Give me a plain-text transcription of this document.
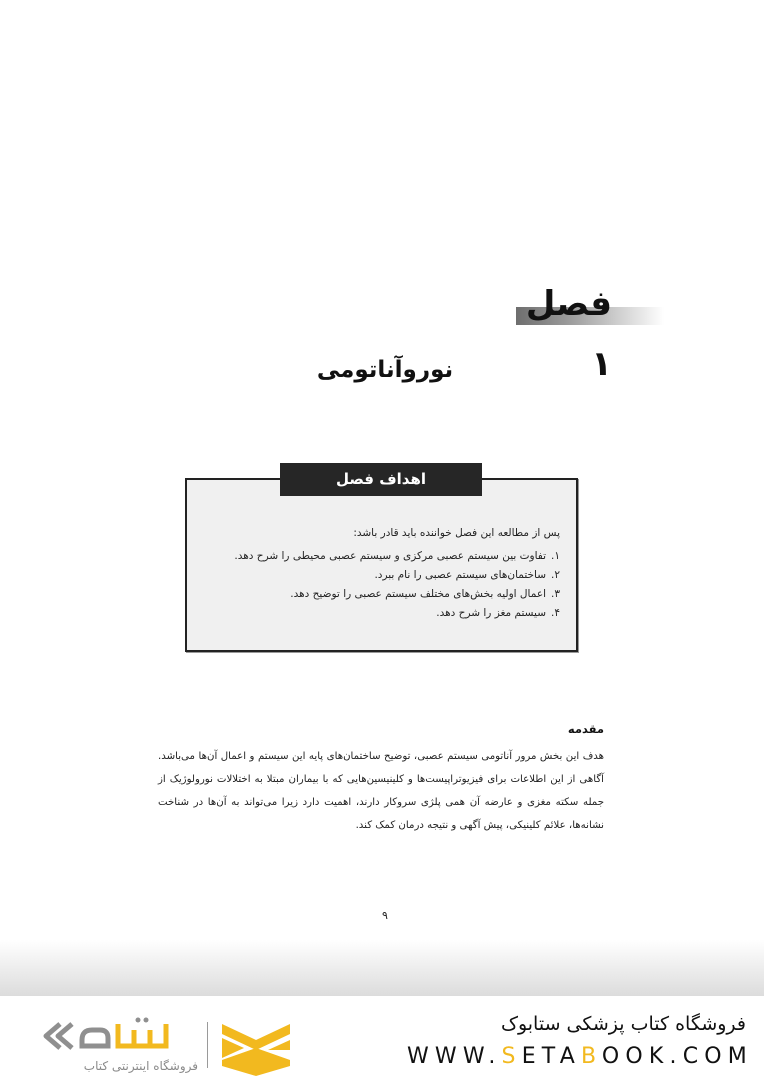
فصل ۱
نوروآناتومی
اهداف فصل
پس از مطالعه این فصل خواننده باید قادر باشد:
۱.تفاوت بین سیستم عصبی مرکزی و سیستم عصبی محیطی را شرح دهد.
۲.ساختمان‌های سیستم عصبی را نام ببرد.
۳.اعمال اولیه بخش‌های مختلف سیستم عصبی را توضیح دهد.
۴.سیستم مغز را شرح دهد.
مقدمه
هدف این بخش مرور آناتومی سیستم عصبی، توضیح ساختمان‌های پایه این سیستم و اعمال آن‌ها می‌باشد. آگاهی از این اطلاعات برای فیزیوتراپیست‌ها و کلینیسین‌هایی که با بیماران مبتلا به اختلالات نورولوژیک از جمله سکته مغزی و عارضه آن همی پلژی سروکار دارند، اهمیت دارد زیرا می‌تواند به آن‌ها در شناخت نشانه‌ها، علائم کلینیکی، پیش آگهی و نتیجه درمان کمک کند.
۹
فروشگاه اینترنتی کتاب
فروشگاه کتاب پزشکی ستابوک
WWW.SETABOOK.COM
